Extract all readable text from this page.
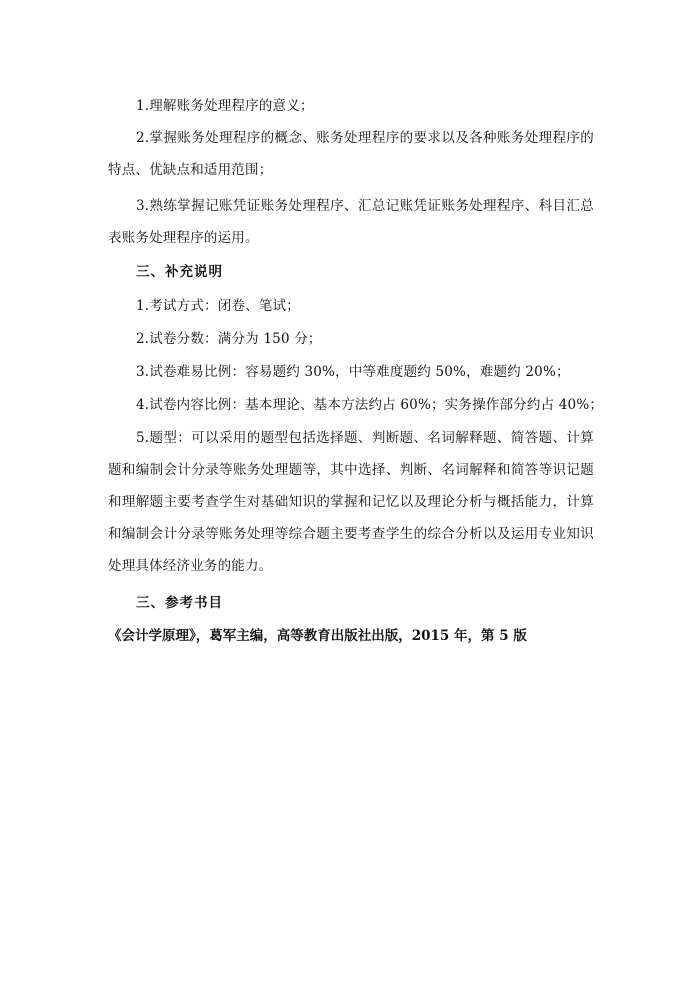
1.理解账务处理程序的意义；
2.掌握账务处理程序的概念、账务处理程序的要求以及各种账务处理程序的特点、优缺点和适用范围；
3.熟练掌握记账凭证账务处理程序、汇总记账凭证账务处理程序、科目汇总表账务处理程序的运用。
三、补充说明
1.考试方式：闭卷、笔试；
2.试卷分数：满分为 150 分；
3.试卷难易比例：容易题约 30%，中等难度题约 50%，难题约 20%；
4.试卷内容比例：基本理论、基本方法约占 60%；实务操作部分约占 40%；
5.题型：可以采用的题型包括选择题、判断题、名词解释题、简答题、计算题和编制会计分录等账务处理题等，其中选择、判断、名词解释和简答等识记题和理解题主要考查学生对基础知识的掌握和记忆以及理论分析与概括能力，计算和编制会计分录等账务处理等综合题主要考查学生的综合分析以及运用专业知识处理具体经济业务的能力。
三、参考书目
《会计学原理》，葛军主编，高等教育出版社出版，2015 年，第 5 版
